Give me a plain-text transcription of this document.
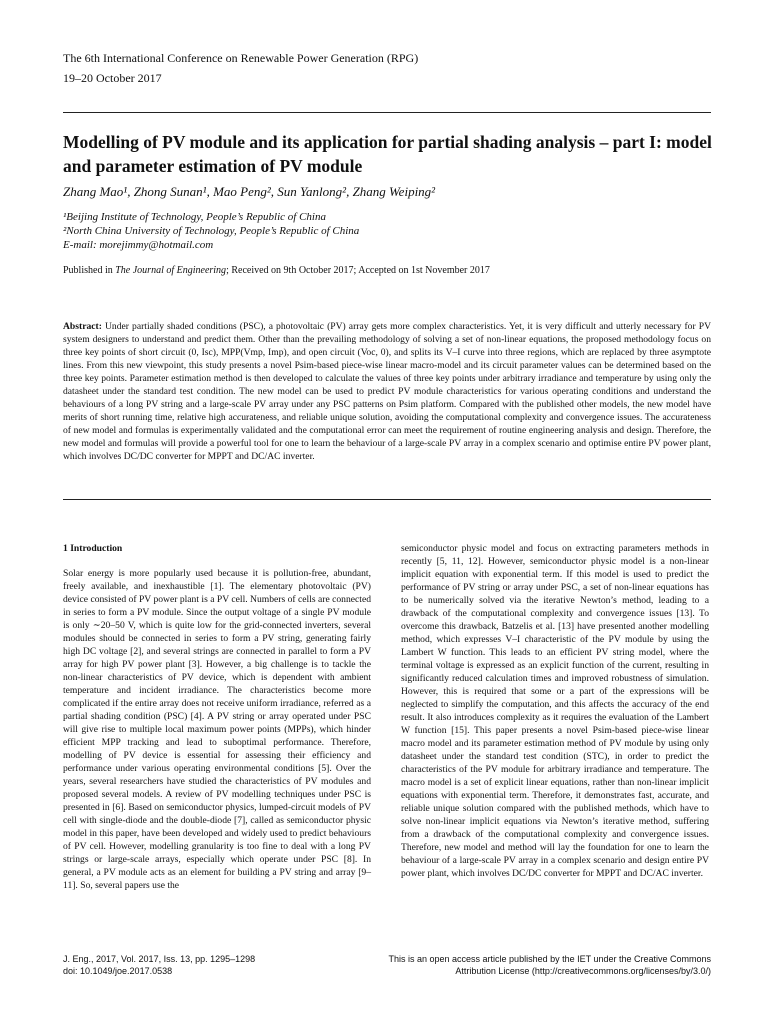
The 6th International Conference on Renewable Power Generation (RPG)
19–20 October 2017
Modelling of PV module and its application for partial shading analysis – part I: model and parameter estimation of PV module
Zhang Mao¹, Zhong Sunan¹, Mao Peng², Sun Yanlong², Zhang Weiping²
¹Beijing Institute of Technology, People’s Republic of China
²North China University of Technology, People’s Republic of China
E-mail: morejimmy@hotmail.com
Published in The Journal of Engineering; Received on 9th October 2017; Accepted on 1st November 2017
Abstract: Under partially shaded conditions (PSC), a photovoltaic (PV) array gets more complex characteristics. Yet, it is very difficult and utterly necessary for PV system designers to understand and predict them. Other than the prevailing methodology of solving a set of non-linear equations, the proposed methodology focus on three key points of short circuit (0, Isc), MPP(Vmp, Imp), and open circuit (Voc, 0), and splits its V–I curve into three regions, which are replaced by three asymptote lines. From this new viewpoint, this study presents a novel Psim-based piece-wise linear macro-model and its circuit parameter values can be determined based on the three key points. Parameter estimation method is then developed to calculate the values of three key points under arbitrary irradiance and temperature by using only the datasheet under the standard test condition. The new model can be used to predict PV module characteristics for various operating conditions and understand the behaviours of a long PV string and a large-scale PV array under any PSC patterns on Psim platform. Compared with the published other models, the new model have merits of short running time, relative high accurateness, and reliable unique solution, avoiding the computational complexity and convergence issues. The accurateness of new model and formulas is experimentally validated and the computational error can meet the requirement of routine engineering analysis and design. Therefore, the new model and formulas will provide a powerful tool for one to learn the behaviour of a large-scale PV array in a complex scenario and optimise entire PV power plant, which involves DC/DC converter for MPPT and DC/AC inverter.
1 Introduction

Solar energy is more popularly used because it is pollution-free, abundant, freely available, and inexhaustible [1]. The elementary photovoltaic (PV) device consisted of PV power plant is a PV cell. Numbers of cells are connected in series to form a PV module. Since the output voltage of a single PV module is only ∼20–50 V, which is quite low for the grid-connected inverters, several modules should be connected in series to form a PV string, generating fairly high DC voltage [2], and several strings are connected in parallel to form a PV array for high PV power plant [3]. However, a big challenge is to tackle the non-linear characteristics of PV device, which is dependent with ambient temperature and incident irradiance. The characteristics become more complicated if the entire array does not receive uniform irradiance, referred as a partial shading condition (PSC) [4]. A PV string or array operated under PSC will give rise to multiple local maximum power points (MPPs), which hinder efficient MPP tracking and lead to suboptimal performance. Therefore, modelling of PV device is essential for assessing their efficiency and performance under various operating environmental conditions [5]. Over the years, several researchers have studied the characteristics of PV modules and proposed several models. A review of PV modelling techniques under PSC is presented in [6]. Based on semiconductor physics, lumped-circuit models of PV cell with single-diode and the double-diode [7], called as semiconductor physic model in this paper, have been developed and widely used to predict behaviours of PV cell. However, modelling granularity is too fine to deal with a long PV strings or large-scale arrays, especially which operate under PSC [8]. In general, a PV module acts as an element for building a PV string and array [9–11]. So, several papers use the

semiconductor physic model and focus on extracting parameters methods in recently [5, 11, 12]. However, semiconductor physic model is a non-linear implicit equation with exponential term. If this model is used to predict the performance of PV string or array under PSC, a set of non-linear equations has to be numerically solved via the iterative Newton’s method, leading to a drawback of the computational complexity and convergence issues [13]. To overcome this drawback, Batzelis et al. [13] have presented another modelling method, which expresses V–I characteristic of the PV module by using the Lambert W function. This leads to an efficient PV string model, where the terminal voltage is expressed as an explicit function of the current, resulting in significantly reduced calculation times and improved robustness of simulation. However, this is required that some or a part of the expressions will be neglected to simplify the computation, and this affects the accuracy of the end result. It also introduces complexity as it requires the evaluation of the Lambert W function [15]. This paper presents a novel Psim-based piece-wise linear macro model and its parameter estimation method of PV module by using only datasheet under the standard test condition (STC), in order to predict the characteristics of the PV module for arbitrary irradiance and temperature. The macro model is a set of explicit linear equations, rather than non-linear implicit equations with exponential term. Therefore, it demonstrates fast, accurate, and reliable unique solution compared with the published methods, which have to solve non-linear implicit equations via Newton’s iterative method, suffering from a drawback of the computational complexity and convergence issues. Therefore, new model and method will lay the foundation for one to learn the behaviour of a large-scale PV array in a complex scenario and design entire PV power plant, which involves DC/DC converter for MPPT and DC/AC inverter.

J. Eng., 2017, Vol. 2017, Iss. 13, pp. 1295–1298
doi: 10.1049/joe.2017.0538
This is an open access article published by the IET under the Creative Commons
Attribution License (http://creativecommons.org/licenses/by/3.0/)
